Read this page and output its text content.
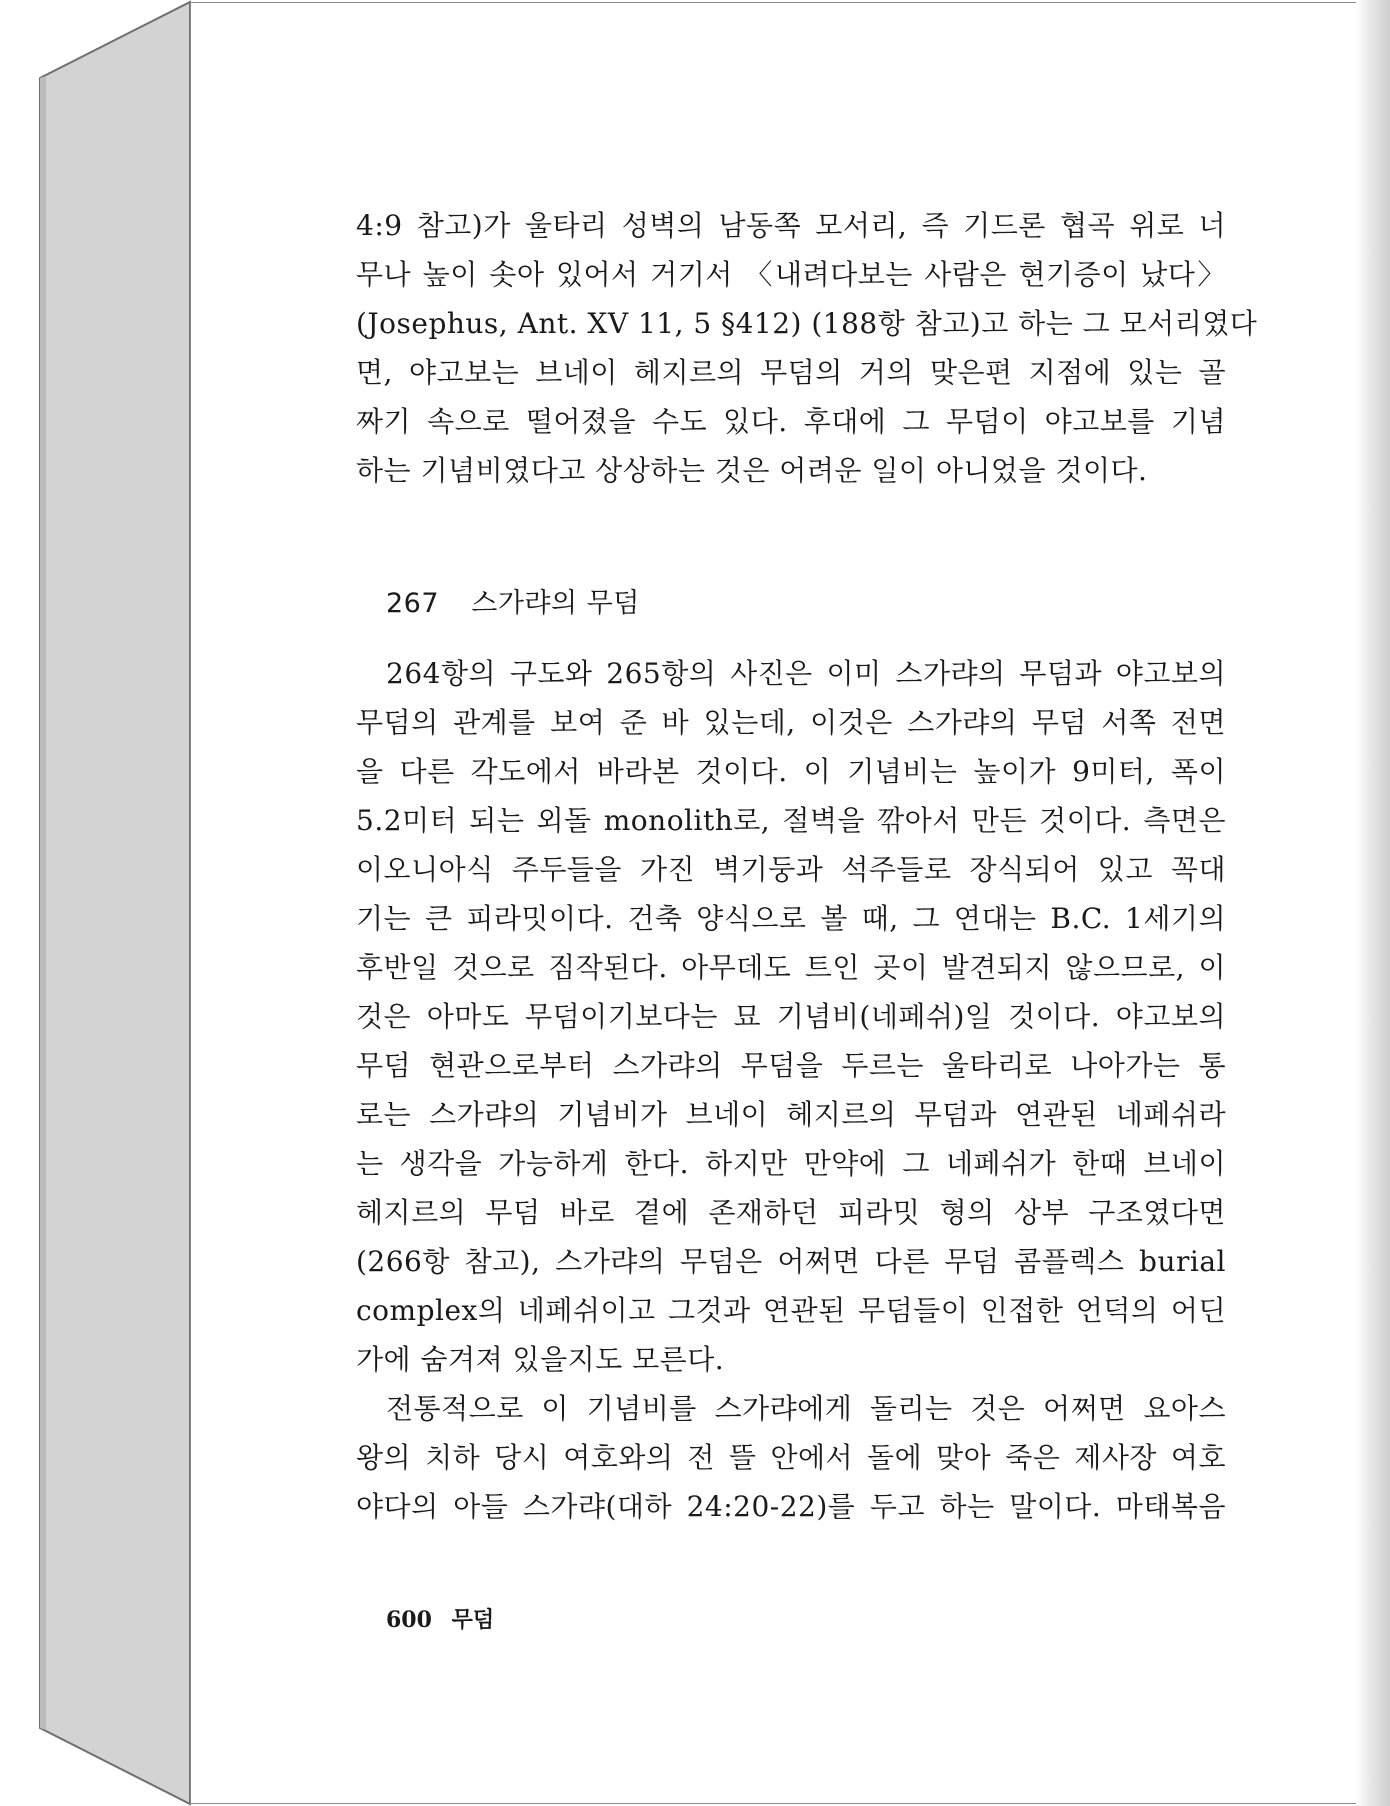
4:9 참고)가 울타리 성벽의 남동쪽 모서리, 즉 기드론 협곡 위로 너
무나 높이 솟아 있어서 거기서 〈내려다보는 사람은 현기증이 났다〉
(Josephus, Ant. XV 11, 5 §412) (188항 참고)고 하는 그 모서리였다
면, 야고보는 브네이 헤지르의 무덤의 거의 맞은편 지점에 있는 골
짜기 속으로 떨어졌을 수도 있다. 후대에 그 무덤이 야고보를 기념
하는 기념비였다고 상상하는 것은 어려운 일이 아니었을 것이다.

267 스가랴의 무덤

264항의 구도와 265항의 사진은 이미 스가랴의 무덤과 야고보의
무덤의 관계를 보여 준 바 있는데, 이것은 스가랴의 무덤 서쪽 전면
을 다른 각도에서 바라본 것이다. 이 기념비는 높이가 9미터, 폭이
5.2미터 되는 외돌 monolith로, 절벽을 깎아서 만든 것이다. 측면은
이오니아식 주두들을 가진 벽기둥과 석주들로 장식되어 있고 꼭대
기는 큰 피라밋이다. 건축 양식으로 볼 때, 그 연대는 B.C. 1세기의
후반일 것으로 짐작된다. 아무데도 트인 곳이 발견되지 않으므로, 이
것은 아마도 무덤이기보다는 묘 기념비(네페쉬)일 것이다. 야고보의
무덤 현관으로부터 스가랴의 무덤을 두르는 울타리로 나아가는 통
로는 스가랴의 기념비가 브네이 헤지르의 무덤과 연관된 네페쉬라
는 생각을 가능하게 한다. 하지만 만약에 그 네페쉬가 한때 브네이
헤지르의 무덤 바로 곁에 존재하던 피라밋 형의 상부 구조였다면
(266항 참고), 스가랴의 무덤은 어쩌면 다른 무덤 콤플렉스 burial
complex의 네페쉬이고 그것과 연관된 무덤들이 인접한 언덕의 어딘
가에 숨겨져 있을지도 모른다.

전통적으로 이 기념비를 스가랴에게 돌리는 것은 어쩌면 요아스
왕의 치하 당시 여호와의 전 뜰 안에서 돌에 맞아 죽은 제사장 여호
야다의 아들 스가랴(대하 24:20-22)를 두고 하는 말이다. 마태복음

600 무덤
